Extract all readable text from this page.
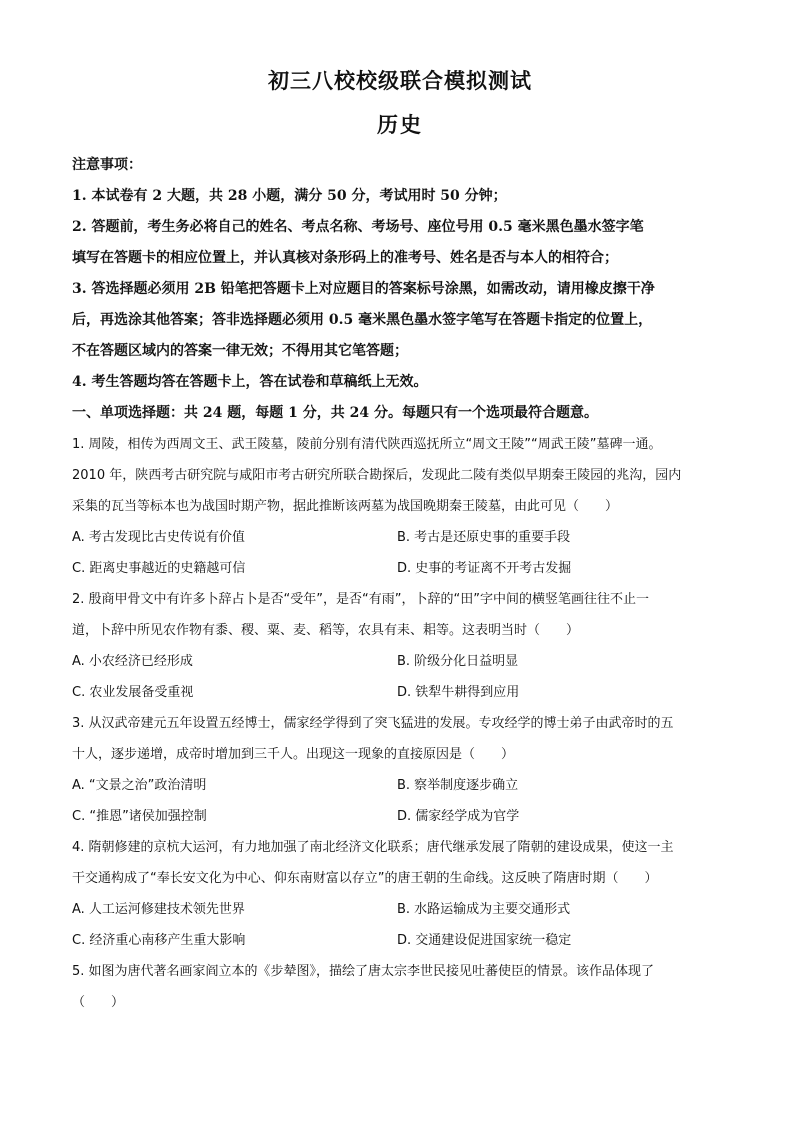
初三八校校级联合模拟测试
历史
注意事项：
1. 本试卷有 2 大题，共 28 小题，满分 50 分，考试用时 50 分钟；
2. 答题前，考生务必将自己的姓名、考点名称、考场号、座位号用 0.5 毫米黑色墨水签字笔
填写在答题卡的相应位置上，并认真核对条形码上的准考号、姓名是否与本人的相符合；
3. 答选择题必须用 2B 铅笔把答题卡上对应题目的答案标号涂黑，如需改动，请用橡皮擦干净
后，再选涂其他答案；答非选择题必须用 0.5 毫米黑色墨水签字笔写在答题卡指定的位置上，
不在答题区域内的答案一律无效；不得用其它笔答题；
4. 考生答题均答在答题卡上，答在试卷和草稿纸上无效。
一、单项选择题：共 24 题，每题 1 分，共 24 分。每题只有一个选项最符合题意。
1. 周陵，相传为西周文王、武王陵墓，陵前分别有清代陕西巡抚所立“周文王陵”“周武王陵”墓碑一通。
2010 年，陕西考古研究院与咸阳市考古研究所联合勘探后，发现此二陵有类似早期秦王陵园的兆沟，园内
采集的瓦当等标本也为战国时期产物，据此推断该两墓为战国晚期秦王陵墓，由此可见（　　）
A. 考古发现比古史传说有价值	B. 考古是还原史事的重要手段
C. 距离史事越近的史籍越可信	D. 史事的考证离不开考古发掘
2. 殷商甲骨文中有许多卜辞占卜是否“受年”，是否“有雨”，卜辞的“田”字中间的横竖笔画往往不止一
道，卜辞中所见农作物有黍、稷、粟、麦、稻等，农具有耒、耜等。这表明当时（　　）
A. 小农经济已经形成	B. 阶级分化日益明显
C. 农业发展备受重视	D. 铁犁牛耕得到应用
3. 从汉武帝建元五年设置五经博士，儒家经学得到了突飞猛进的发展。专攻经学的博士弟子由武帝时的五
十人，逐步递增，成帝时增加到三千人。出现这一现象的直接原因是（　　）
A. “文景之治”政治清明	B. 察举制度逐步确立
C. “推恩”诸侯加强控制	D. 儒家经学成为官学
4. 隋朝修建的京杭大运河，有力地加强了南北经济文化联系；唐代继承发展了隋朝的建设成果，使这一主
干交通构成了“奉长安文化为中心、仰东南财富以存立”的唐王朝的生命线。这反映了隋唐时期（　　）
A. 人工运河修建技术领先世界	B. 水路运输成为主要交通形式
C. 经济重心南移产生重大影响	D. 交通建设促进国家统一稳定
5. 如图为唐代著名画家阎立本的《步辇图》，描绘了唐太宗李世民接见吐蕃使臣的情景。该作品体现了
（　　）
